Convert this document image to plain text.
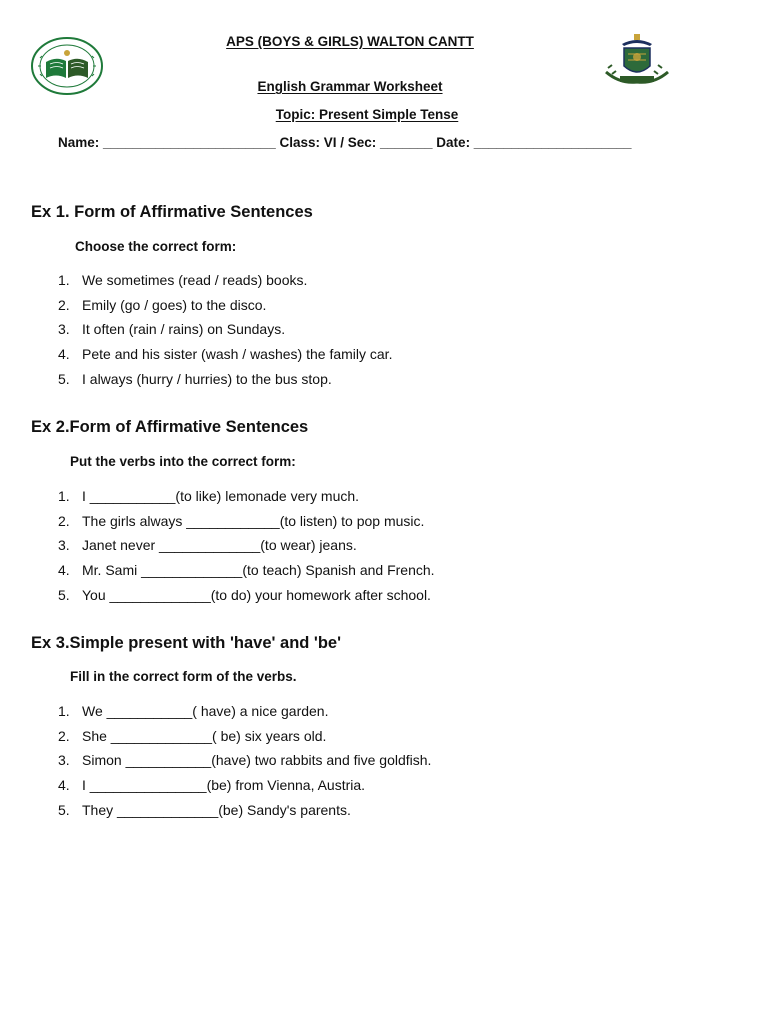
APS (BOYS & GIRLS) WALTON CANTT
English Grammar Worksheet
Topic: Present Simple Tense
Name: _______________________ Class: VI / Sec: _______ Date: _____________________
Ex 1. Form of Affirmative Sentences
Choose the correct form:
1. We sometimes (read / reads) books.
2. Emily (go / goes) to the disco.
3. It often (rain / rains) on Sundays.
4. Pete and his sister (wash / washes) the family car.
5. I always (hurry / hurries) to the bus stop.
Ex 2.Form of Affirmative Sentences
Put the verbs into the correct form:
1. I ___________(to like) lemonade very much.
2. The girls always ____________(to listen) to pop music.
3. Janet never _____________(to wear) jeans.
4. Mr. Sami _____________(to teach) Spanish and French.
5. You _____________(to do) your homework after school.
Ex 3.Simple present with 'have' and 'be'
Fill in the correct form of the verbs.
1. We ___________( have) a nice garden.
2. She _____________( be) six years old.
3. Simon ___________(have) two rabbits and five goldfish.
4. I _______________(be) from Vienna, Austria.
5. They _____________(be) Sandy's parents.
